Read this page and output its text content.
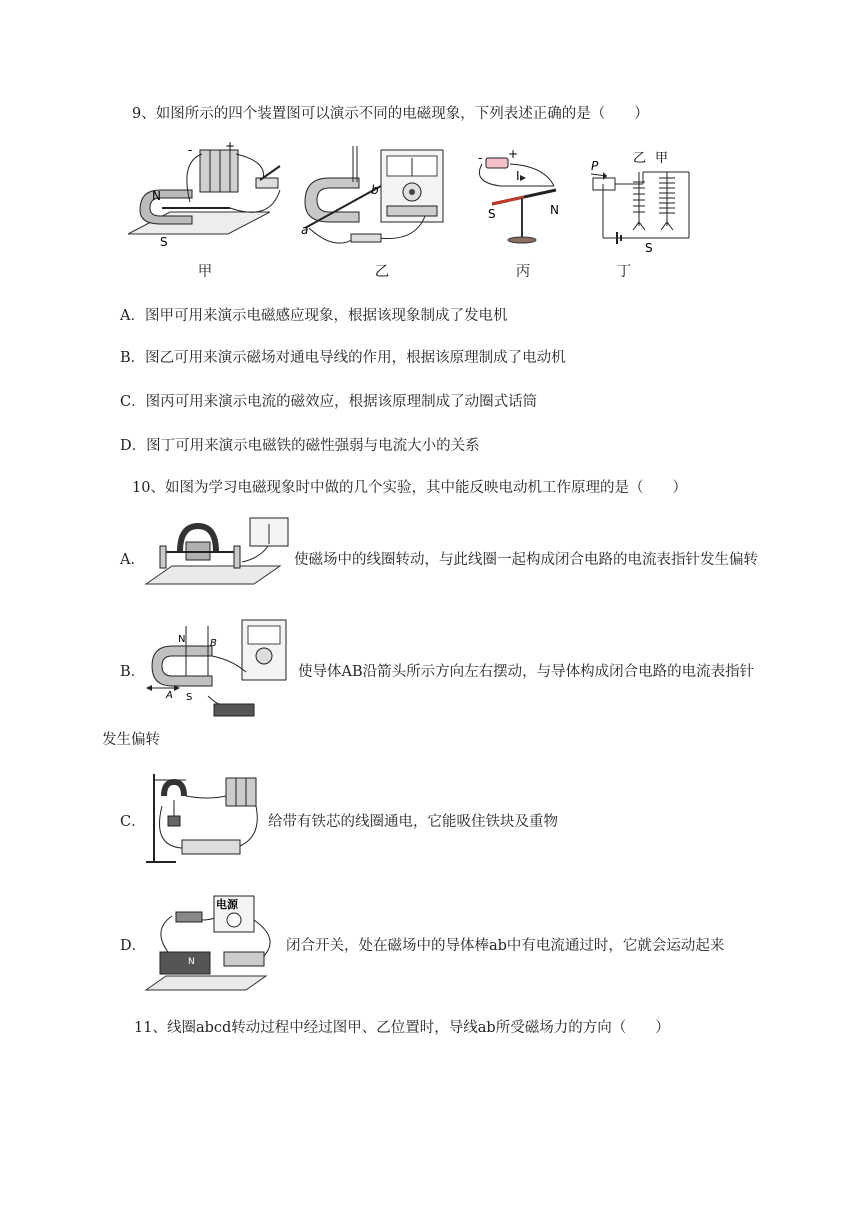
9、如图所示的四个装置图可以演示不同的电磁现象，下列表述正确的是（　　）
N
S
-	+
a
b
- +
I
S	N
P	乙 甲
S
甲	乙	丙	丁
A．图甲可用来演示电磁感应现象，根据该现象制成了发电机
B．图乙可用来演示磁场对通电导线的作用，根据该原理制成了电动机
C．图丙可用来演示电流的磁效应，根据该原理制成了动圈式话筒
D．图丁可用来演示电磁铁的磁性强弱与电流大小的关系
10、如图为学习电磁现象时中做的几个实验，其中能反映电动机工作原理的是（　　）
A．	使磁场中的线圈转动，与此线圈一起构成闭合电路的电流表指针发生偏转
B．
N
S
B
A
使导体AB沿箭头所示方向左右摆动，与导体构成闭合电路的电流表指针
发生偏转
C．	给带有铁芯的线圈通电，它能吸住铁块及重物
D．
电源
N
闭合开关，处在磁场中的导体棒ab中有电流通过时，它就会运动起来
11、线圈abcd转动过程中经过图甲、乙位置时，导线ab所受磁场力的方向（　　）
